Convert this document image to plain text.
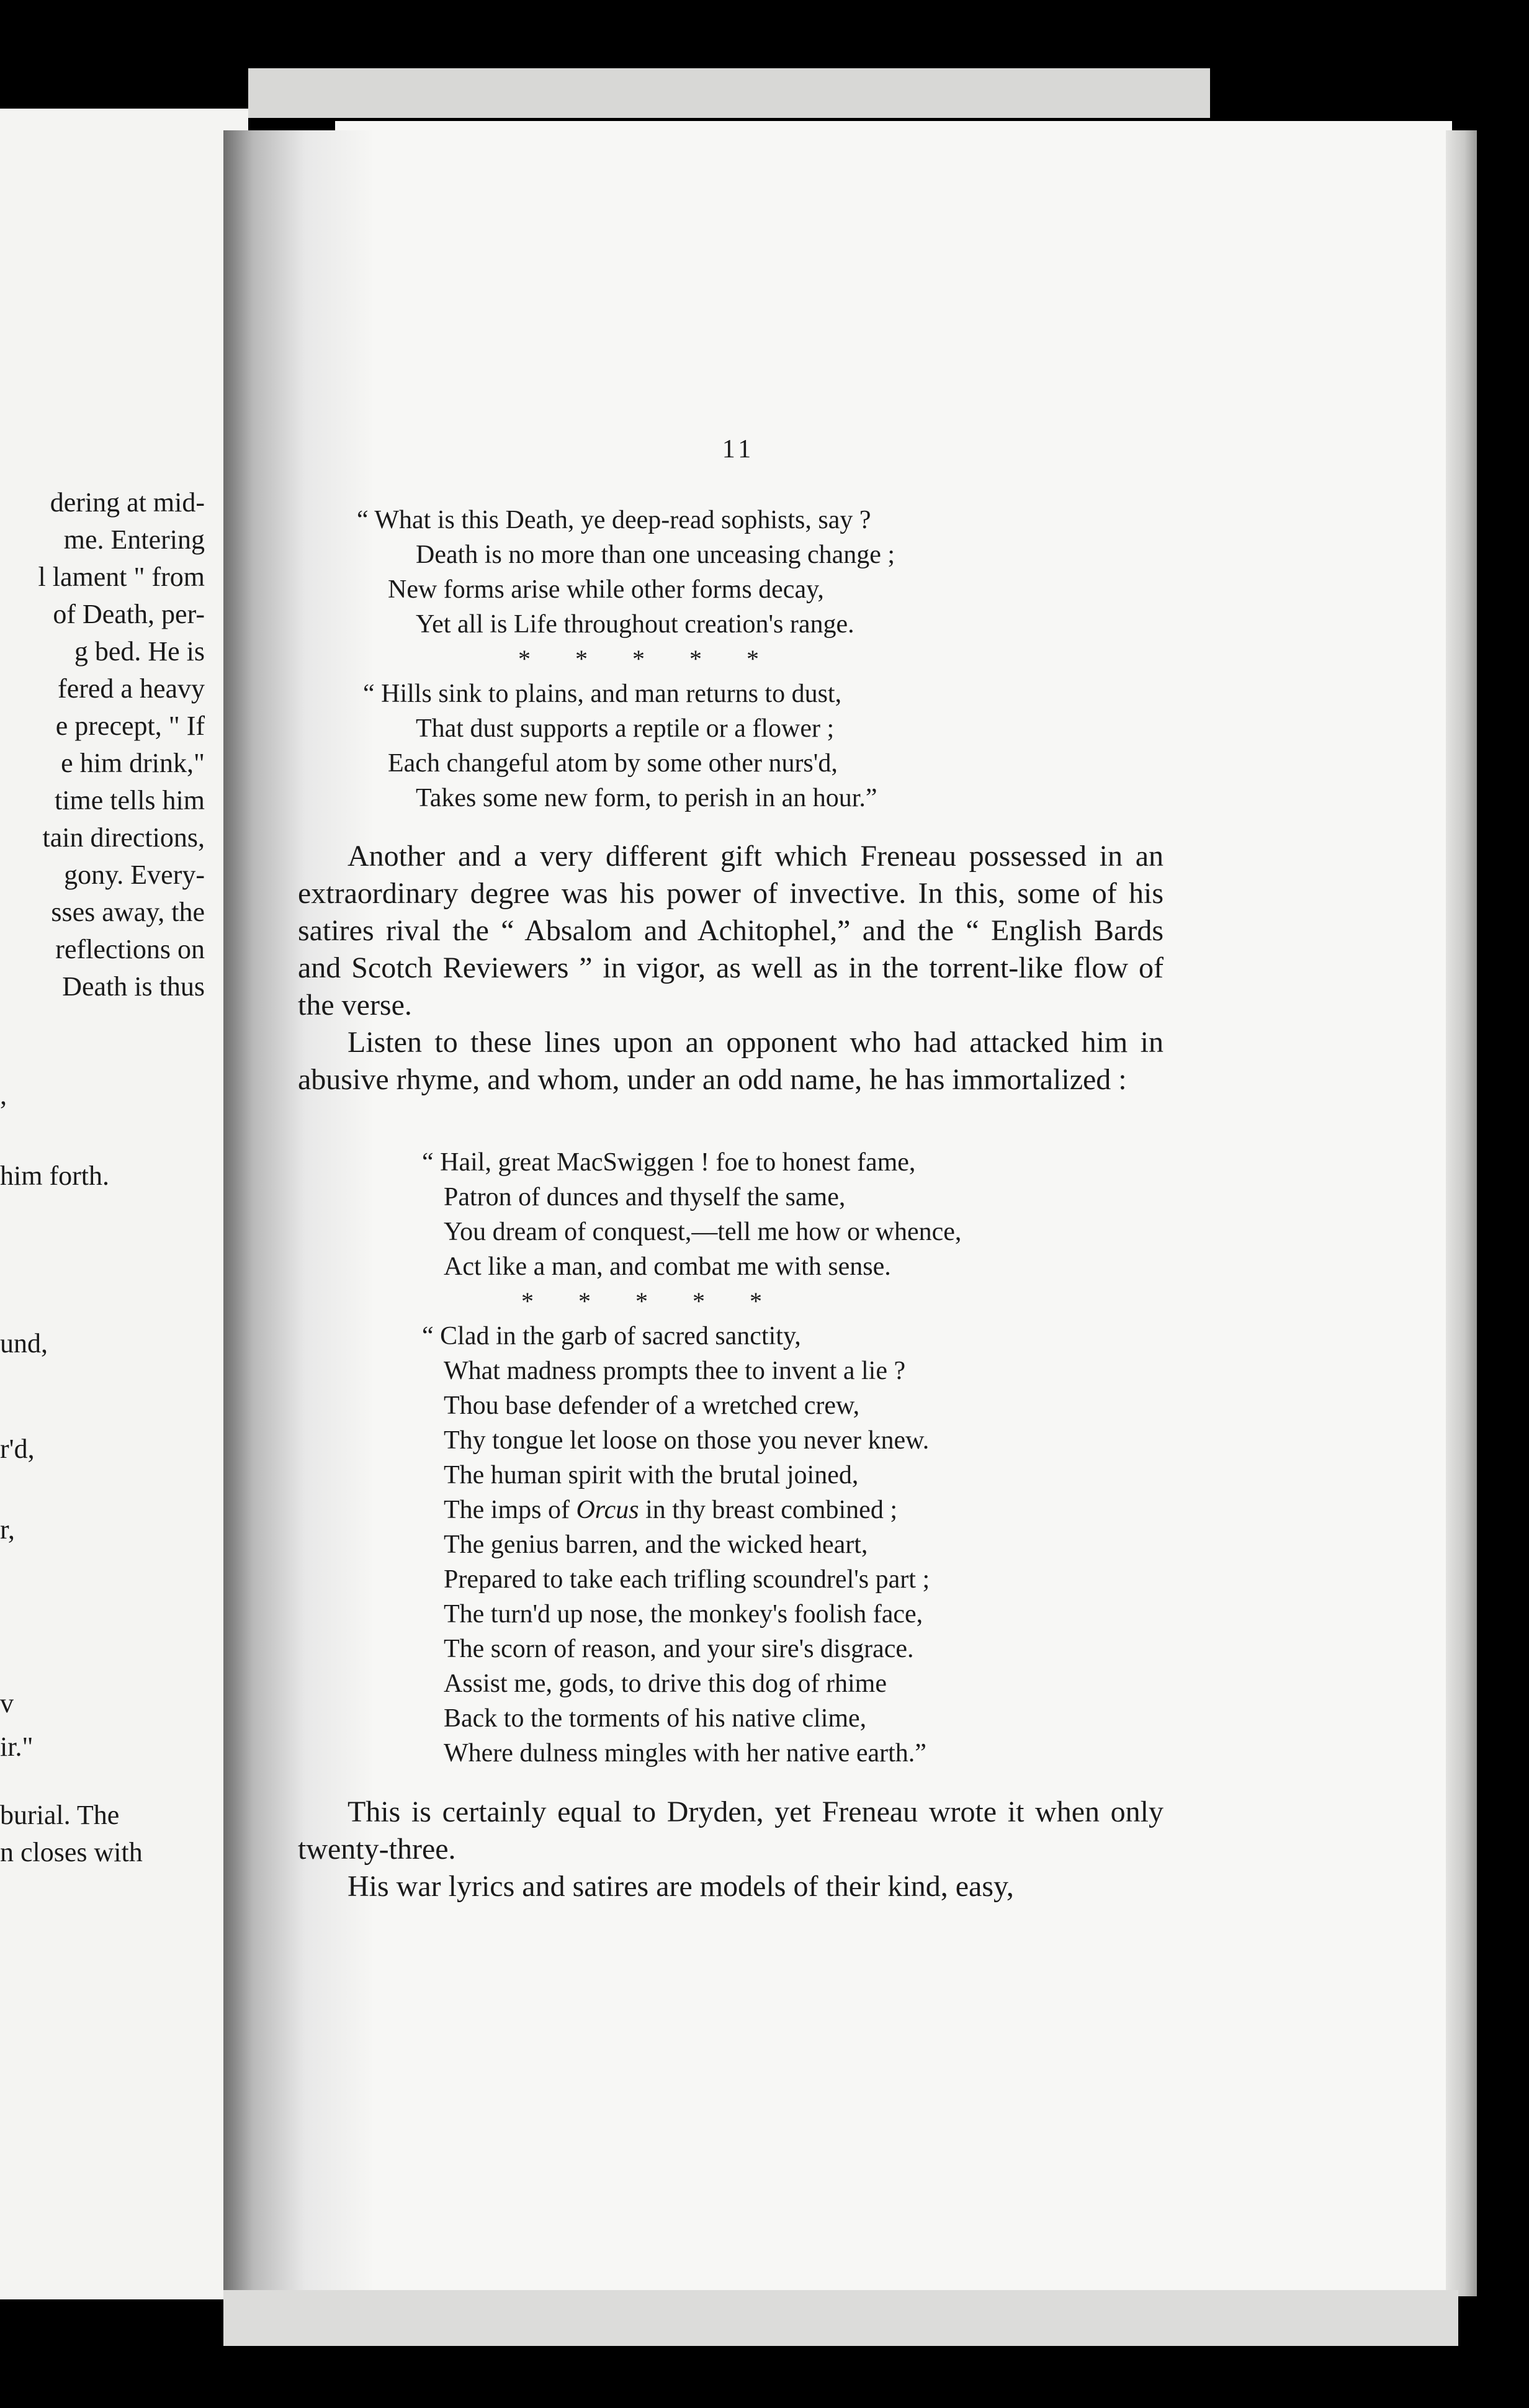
dering at mid-
me. Entering
l lament " from
of Death, per-
g bed. He is
fered a heavy
e precept, " If
e him drink,"
time tells him
tain directions,
gony. Every-
sses away, the
reflections on
Death is thus
,
him forth.
und,
r'd,
r,
v
ir."
burial. The
n closes with
11
“ What is this Death, ye deep-read sophists, say ?
Death is no more than one unceasing change ;
New forms arise while other forms decay,
Yet all is Life throughout creation's range.
* * * * *
“ Hills sink to plains, and man returns to dust,
That dust supports a reptile or a flower ;
Each changeful atom by some other nurs'd,
Takes some new form, to perish in an hour.”

Another and a very different gift which Freneau possessed in an extraordinary degree was his power of invective. In this, some of his satires rival the “ Absalom and Achitophel,” and the “ English Bards and Scotch Reviewers ” in vigor, as well as in the torrent-like flow of the verse.

Listen to these lines upon an opponent who had attacked him in abusive rhyme, and whom, under an odd name, he has immortalized :

“ Hail, great MacSwiggen ! foe to honest fame,
Patron of dunces and thyself the same,
You dream of conquest,—tell me how or whence,
Act like a man, and combat me with sense.
* * * * *
“ Clad in the garb of sacred sanctity,
What madness prompts thee to invent a lie ?
Thou base defender of a wretched crew,
Thy tongue let loose on those you never knew.
The human spirit with the brutal joined,
The imps of Orcus in thy breast combined ;
The genius barren, and the wicked heart,
Prepared to take each trifling scoundrel's part ;
The turn'd up nose, the monkey's foolish face,
The scorn of reason, and your sire's disgrace.
Assist me, gods, to drive this dog of rhime
Back to the torments of his native clime,
Where dulness mingles with her native earth.”

This is certainly equal to Dryden, yet Freneau wrote it when only twenty-three.

His war lyrics and satires are models of their kind, easy,
